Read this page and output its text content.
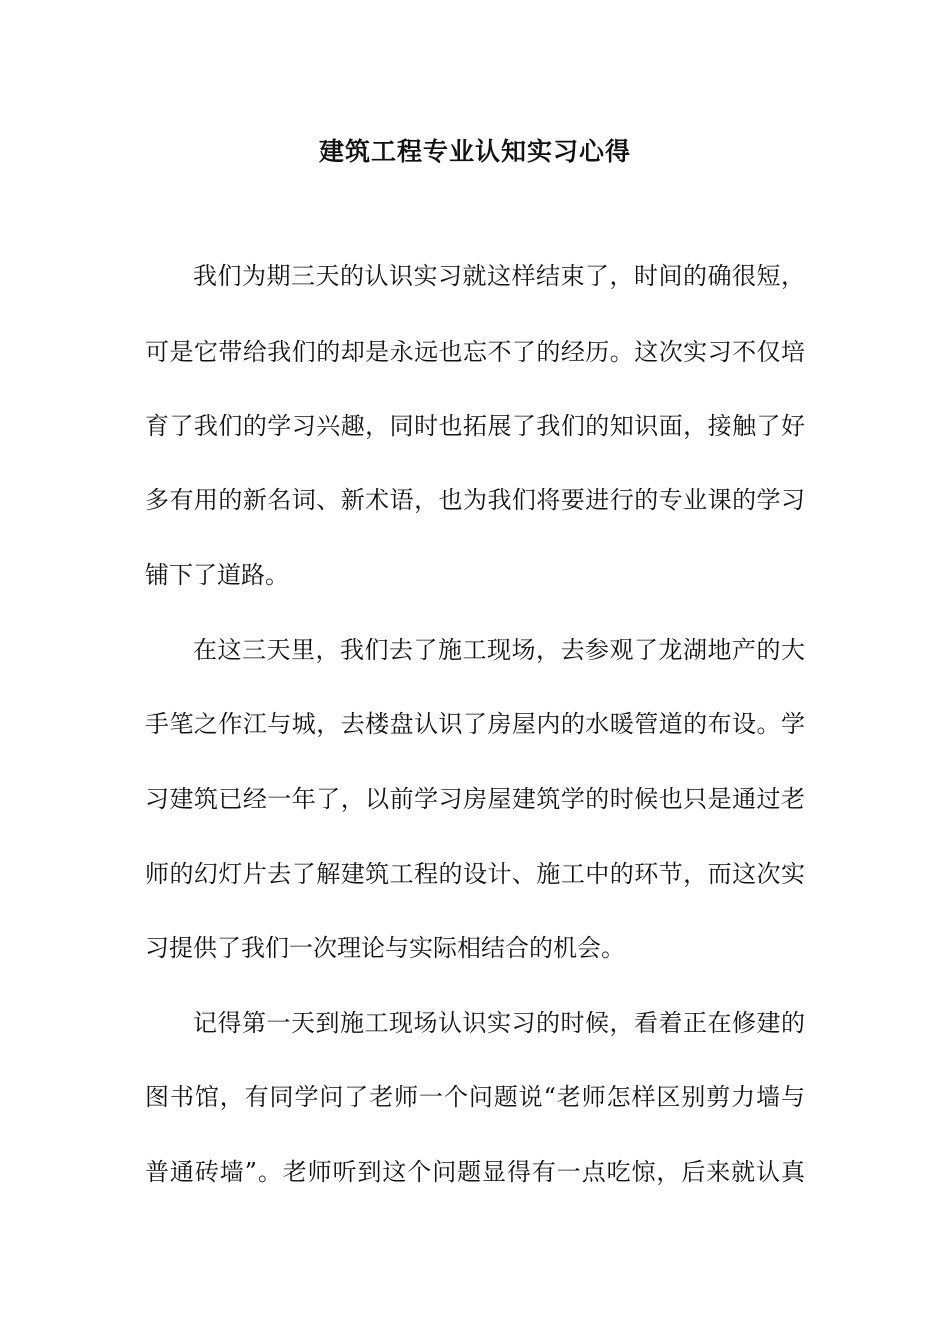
建筑工程专业认知实习心得
我们为期三天的认识实习就这样结束了，时间的确很短，
可是它带给我们的却是永远也忘不了的经历。这次实习不仅培
育了我们的学习兴趣，同时也拓展了我们的知识面，接触了好
多有用的新名词、新术语，也为我们将要进行的专业课的学习
铺下了道路。
在这三天里，我们去了施工现场，去参观了龙湖地产的大
手笔之作江与城，去楼盘认识了房屋内的水暖管道的布设。学
习建筑已经一年了，以前学习房屋建筑学的时候也只是通过老
师的幻灯片去了解建筑工程的设计、施工中的环节，而这次实
习提供了我们一次理论与实际相结合的机会。
记得第一天到施工现场认识实习的时候，看着正在修建的
图书馆，有同学问了老师一个问题说“老师怎样区别剪力墙与
普通砖墙”。老师听到这个问题显得有一点吃惊，后来就认真
